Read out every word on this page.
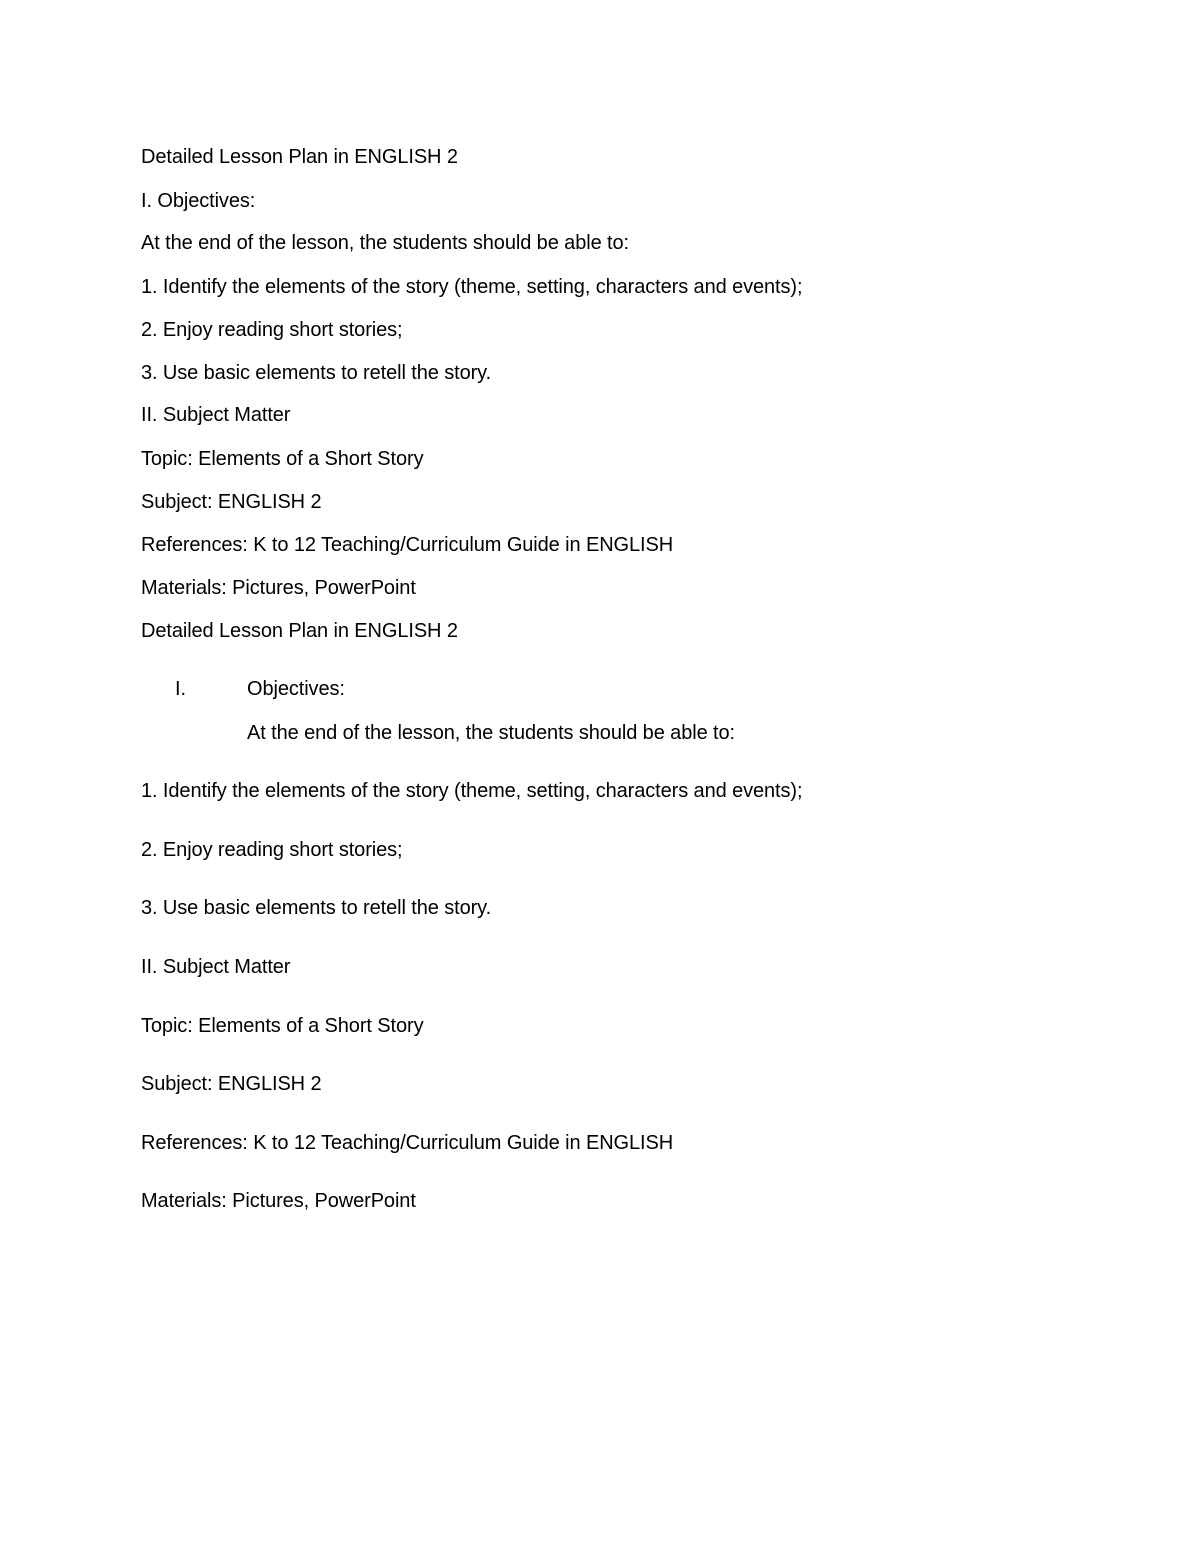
Detailed Lesson Plan in ENGLISH 2
I. Objectives:
At the end of the lesson, the students should be able to:
1. Identify the elements of the story (theme, setting, characters and events);
2. Enjoy reading short stories;
3. Use basic elements to retell the story.
II. Subject Matter
Topic: Elements of a Short Story
Subject: ENGLISH 2
References: K to 12 Teaching/Curriculum Guide in ENGLISH
Materials: Pictures, PowerPoint
Detailed Lesson Plan in ENGLISH 2
I.	Objectives:
At the end of the lesson, the students should be able to:
1. Identify the elements of the story (theme, setting, characters and events);
2. Enjoy reading short stories;
3. Use basic elements to retell the story.
II. Subject Matter
Topic: Elements of a Short Story
Subject: ENGLISH 2
References: K to 12 Teaching/Curriculum Guide in ENGLISH
Materials: Pictures, PowerPoint
